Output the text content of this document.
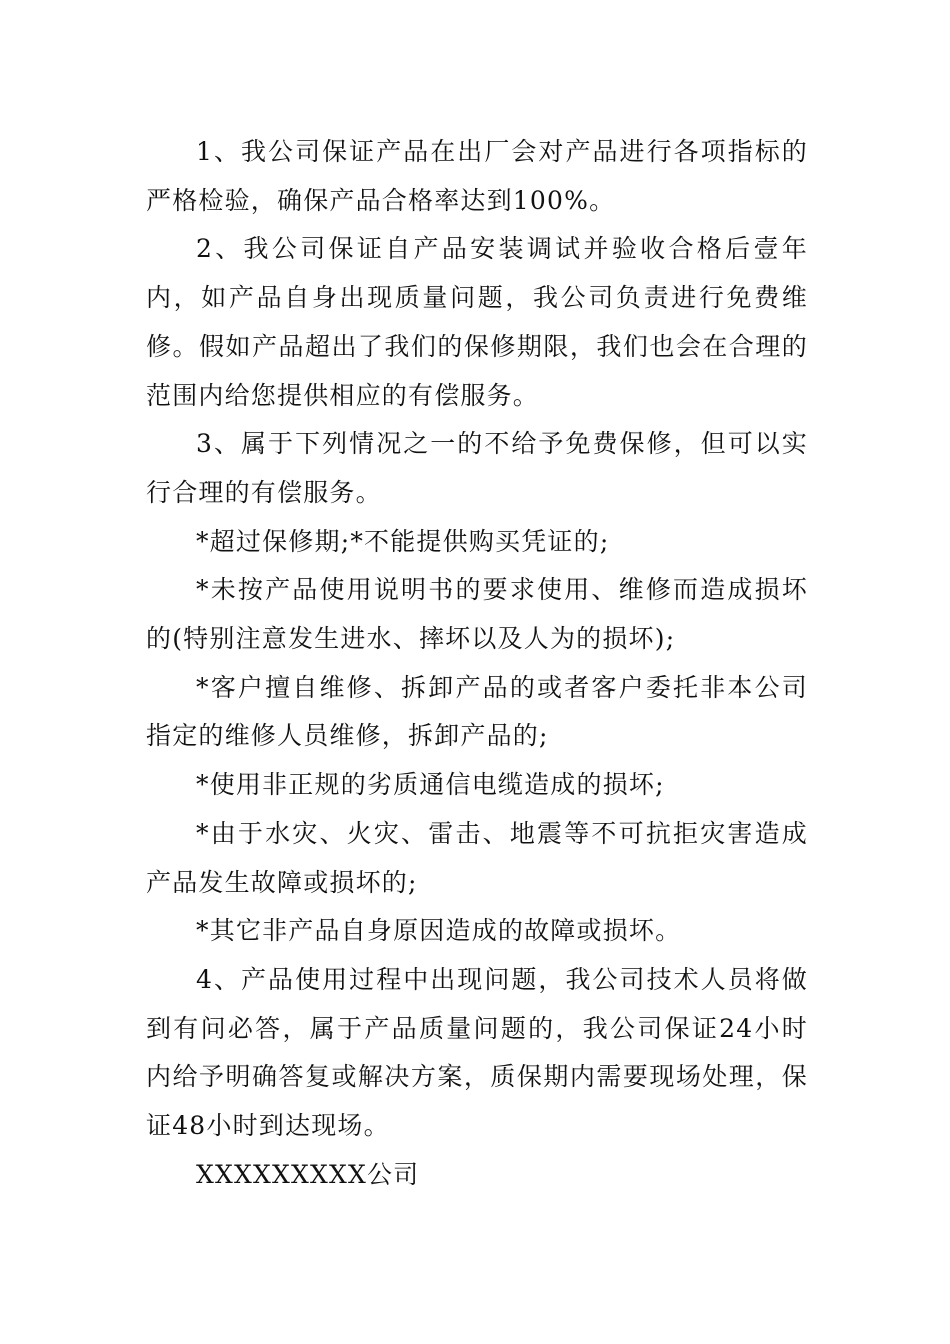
1、我公司保证产品在出厂会对产品进行各项指标的严格检验，确保产品合格率达到100%。

2、我公司保证自产品安装调试并验收合格后壹年内，如产品自身出现质量问题，我公司负责进行免费维修。假如产品超出了我们的保修期限，我们也会在合理的范围内给您提供相应的有偿服务。

3、属于下列情况之一的不给予免费保修，但可以实行合理的有偿服务。

*超过保修期;*不能提供购买凭证的;

*未按产品使用说明书的要求使用、维修而造成损坏的(特别注意发生进水、摔坏以及人为的损坏);

*客户擅自维修、拆卸产品的或者客户委托非本公司指定的维修人员维修，拆卸产品的;

*使用非正规的劣质通信电缆造成的损坏;

*由于水灾、火灾、雷击、地震等不可抗拒灾害造成产品发生故障或损坏的;

*其它非产品自身原因造成的故障或损坏。

4、产品使用过程中出现问题，我公司技术人员将做到有问必答，属于产品质量问题的，我公司保证24小时内给予明确答复或解决方案，质保期内需要现场处理，保证48小时到达现场。

XXXXXXXXX公司
